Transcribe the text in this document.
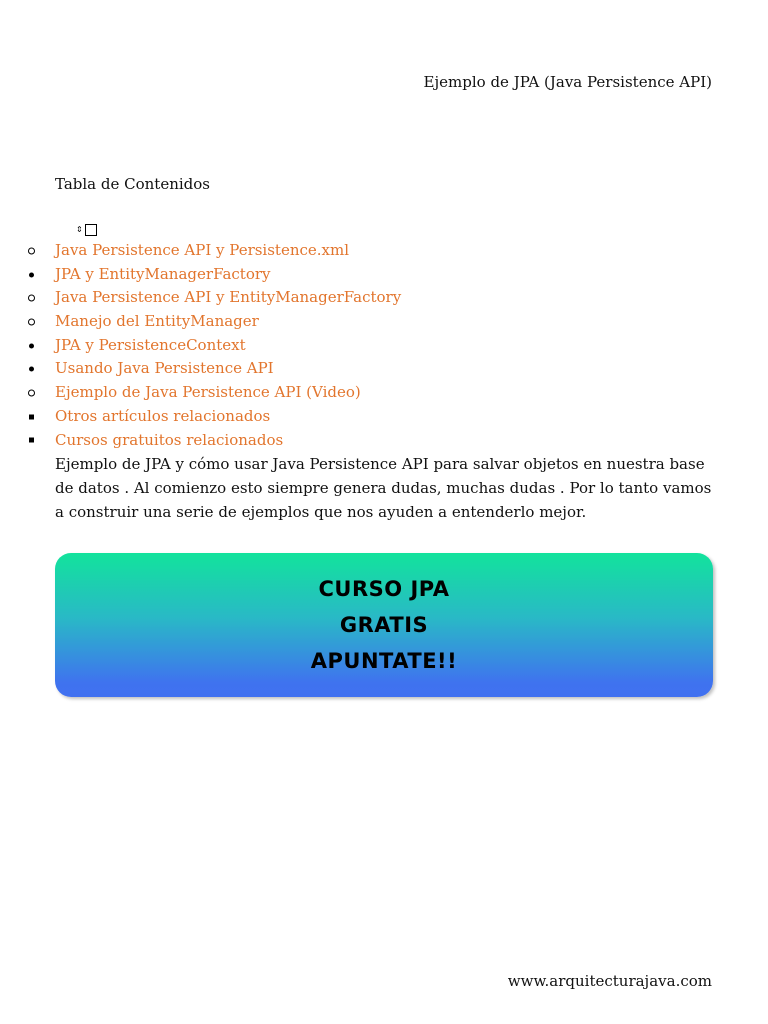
Ejemplo de JPA (Java Persistence API)
Tabla de Contenidos
⇕
Java Persistence API y Persistence.xml
JPA y EntityManagerFactory
Java Persistence API y EntityManagerFactory
Manejo del EntityManager
JPA y PersistenceContext
Usando Java Persistence API
Ejemplo de Java Persistence API (Video)
Otros artículos relacionados
Cursos gratuitos relacionados

Ejemplo de JPA y cómo usar Java Persistence API para salvar objetos en nuestra base de datos . Al comienzo esto siempre genera dudas, muchas dudas . Por lo tanto vamos a construir una serie de ejemplos que nos ayuden a entenderlo mejor.

CURSO JPA
GRATIS
APUNTATE!!
www.arquitecturajava.com
